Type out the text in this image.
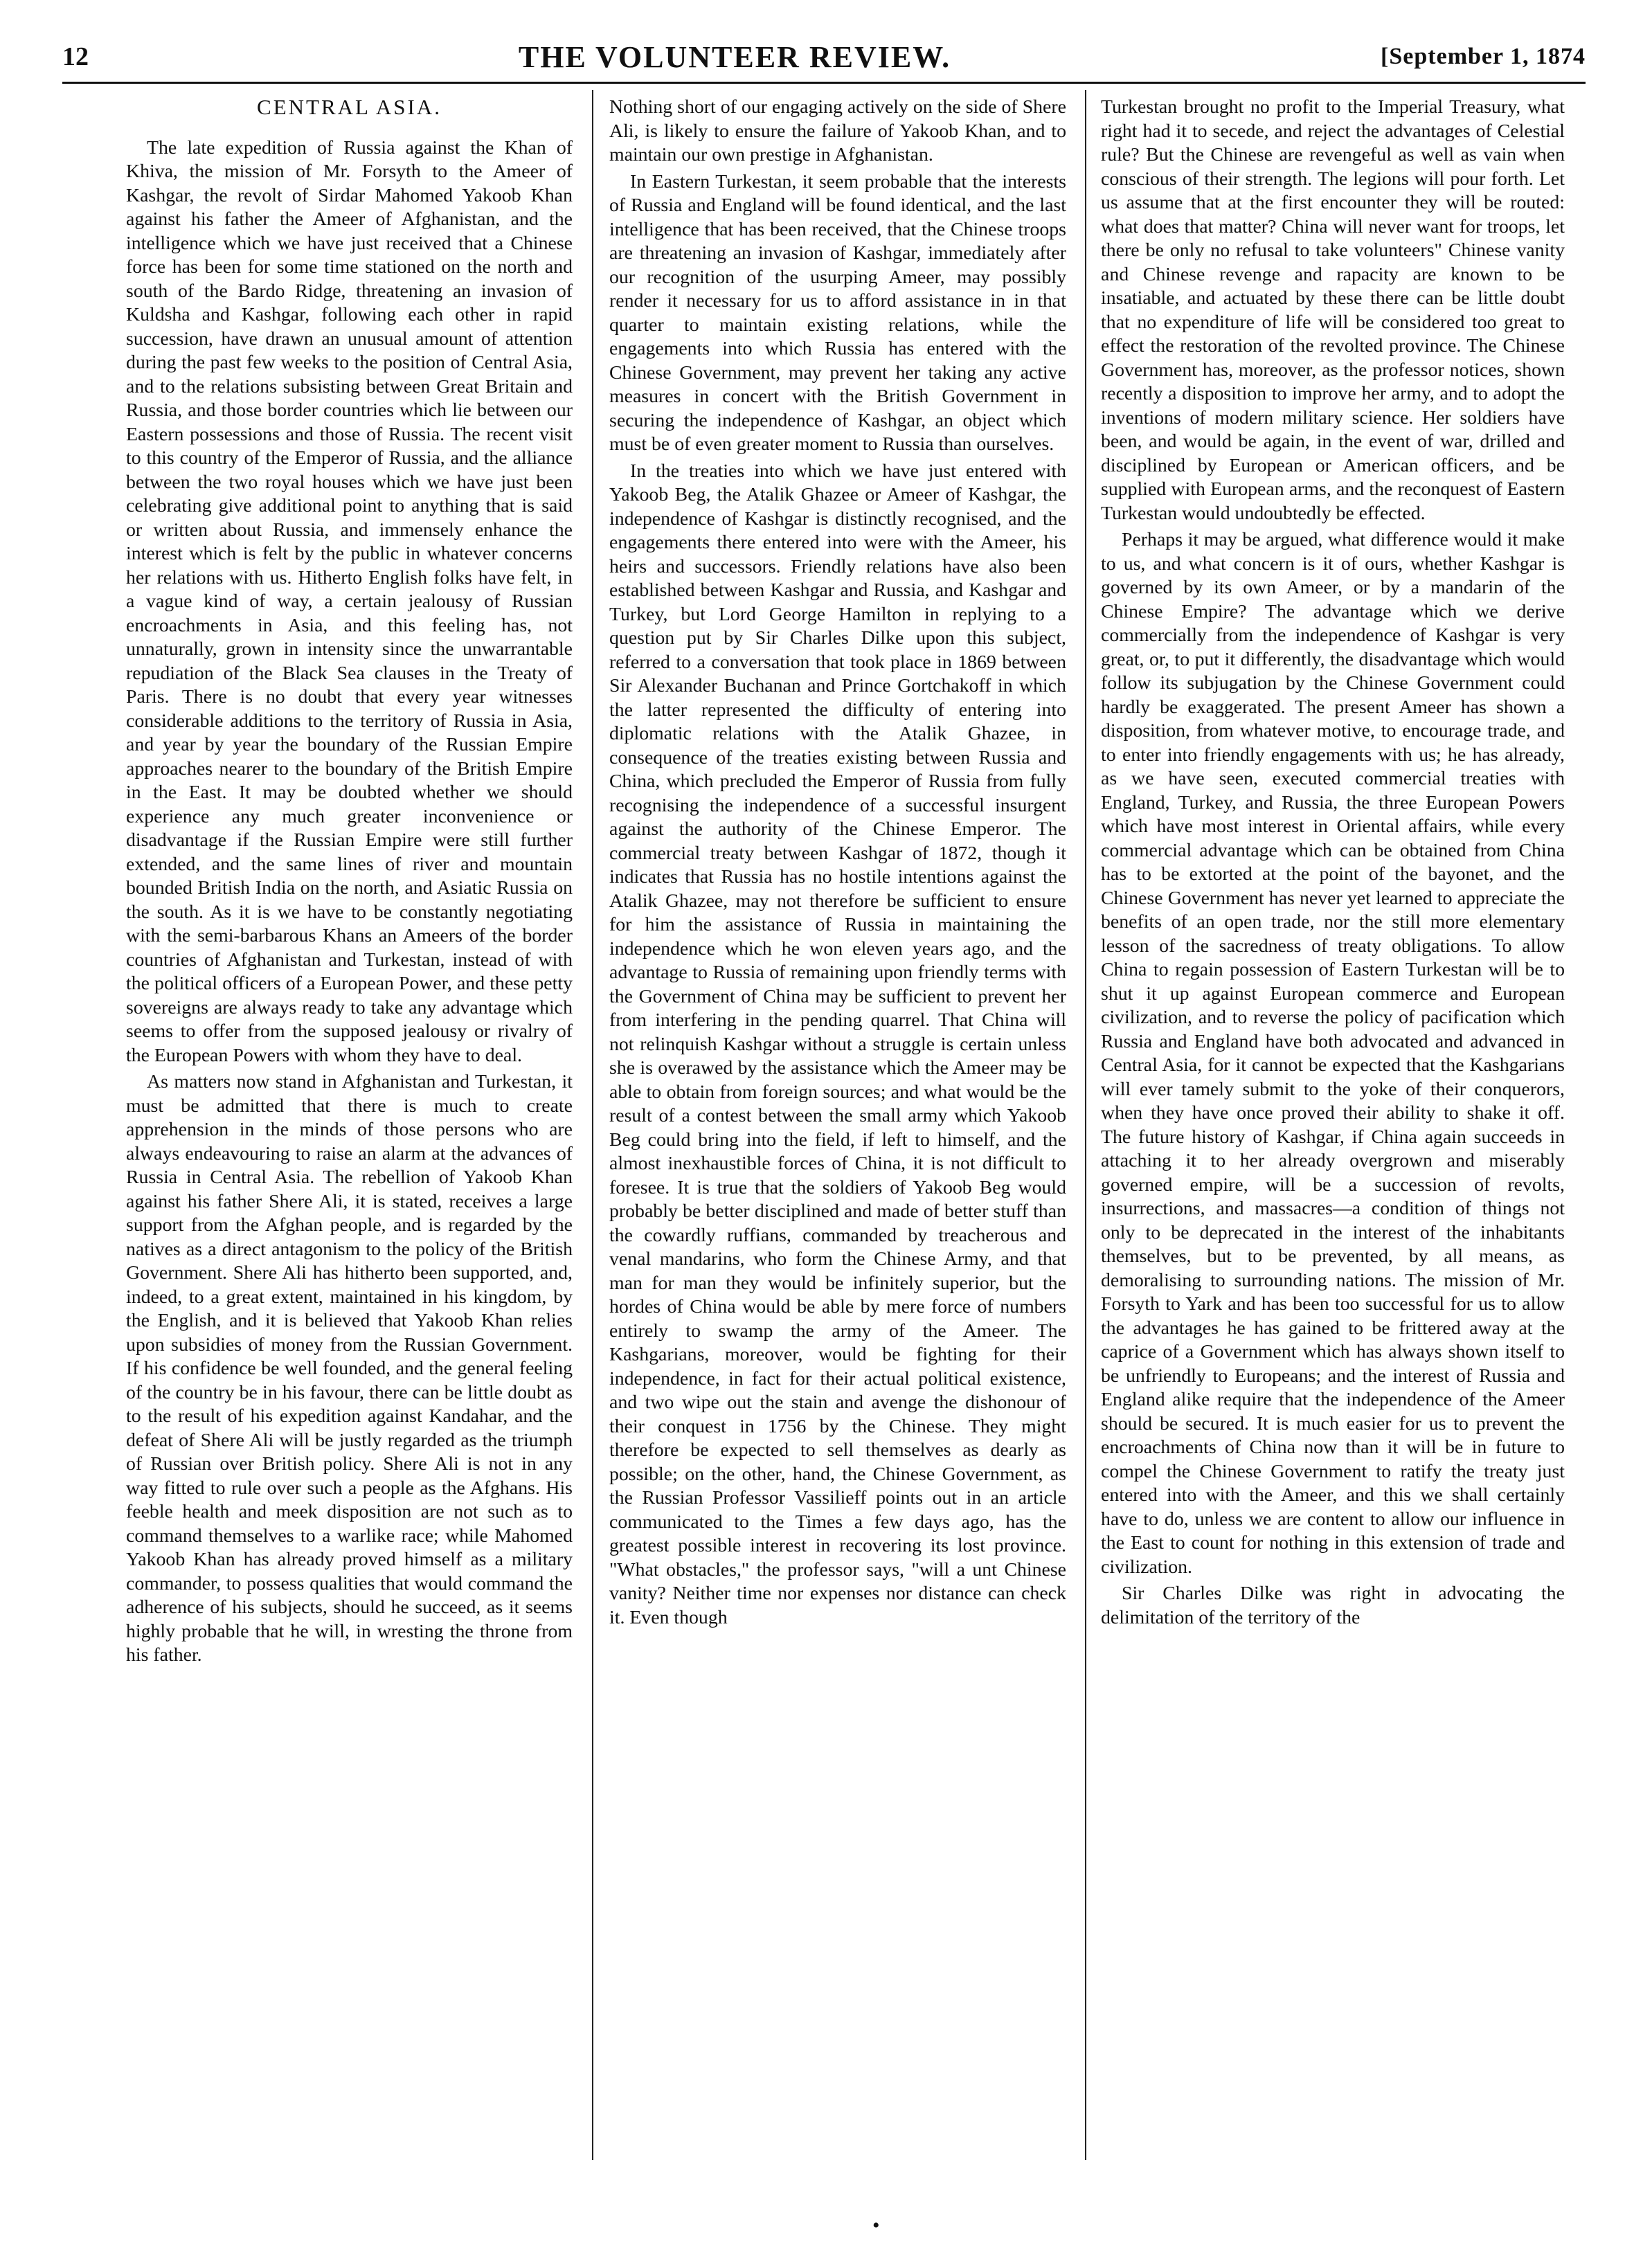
12	THE VOLUNTEER REVIEW.	[September 1, 1874
CENTRAL ASIA.

The late expedition of Russia against the Khan of Khiva, the mission of Mr. Forsyth to the Ameer of Kashgar, the revolt of Sirdar Mahomed Yakoob Khan against his father the Ameer of Afghanistan, and the intelligence which we have just received that a Chinese force has been for some time stationed on the north and south of the Bardo Ridge, threatening an invasion of Kuldsha and Kashgar, following each other in rapid succession, have drawn an unusual amount of attention during the past few weeks to the position of Central Asia, and to the relations subsisting between Great Britain and Russia, and those border countries which lie between our Eastern possessions and those of Russia. The recent visit to this country of the Emperor of Russia, and the alliance between the two royal houses which we have just been celebrating give additional point to anything that is said or written about Russia, and immensely enhance the interest which is felt by the public in whatever concerns her relations with us. Hitherto English folks have felt, in a vague kind of way, a certain jealousy of Russian encroachments in Asia, and this feeling has, not unnaturally, grown in intensity since the unwarrantable repudiation of the Black Sea clauses in the Treaty of Paris. There is no doubt that every year witnesses considerable additions to the territory of Russia in Asia, and year by year the boundary of the Russian Empire approaches nearer to the boundary of the British Empire in the East. It may be doubted whether we should experience any much greater inconvenience or disadvantage if the Russian Empire were still further extended, and the same lines of river and mountain bounded British India on the north, and Asiatic Russia on the south. As it is we have to be constantly negotiating with the semi-barbarous Khans an Ameers of the border countries of Afghanistan and Turkestan, instead of with the political officers of a European Power, and these petty sovereigns are always ready to take any advantage which seems to offer from the supposed jealousy or rivalry of the European Powers with whom they have to deal.

As matters now stand in Afghanistan and Turkestan, it must be admitted that there is much to create apprehension in the minds of those persons who are always endeavouring to raise an alarm at the advances of Russia in Central Asia. The rebellion of Yakoob Khan against his father Shere Ali, it is stated, receives a large support from the Afghan people, and is regarded by the natives as a direct antagonism to the policy of the British Government. Shere Ali has hitherto been supported, and, indeed, to a great extent, maintained in his kingdom, by the English, and it is believed that Yakoob Khan relies upon subsidies of money from the Russian Government. If his confidence be well founded, and the general feeling of the country be in his favour, there can be little doubt as to the result of his expedition against Kandahar, and the defeat of Shere Ali will be justly regarded as the triumph of Russian over British policy. Shere Ali is not in any way fitted to rule over such a people as the Afghans. His feeble health and meek disposition are not such as to command themselves to a warlike race; while Mahomed Yakoob Khan has already proved himself as a military commander, to possess qualities that would command the adherence of his subjects, should he succeed, as it seems highly probable that he will, in wresting the throne from his father.

Nothing short of our engaging actively on the side of Shere Ali, is likely to ensure the failure of Yakoob Khan, and to maintain our own prestige in Afghanistan.

In Eastern Turkestan, it seem probable that the interests of Russia and England will be found identical, and the last intelligence that has been received, that the Chinese troops are threatening an invasion of Kashgar, immediately after our recognition of the usurping Ameer, may possibly render it necessary for us to afford assistance in in that quarter to maintain existing relations, while the engagements into which Russia has entered with the Chinese Government, may prevent her taking any active measures in concert with the British Government in securing the independence of Kashgar, an object which must be of even greater moment to Russia than ourselves.

In the treaties into which we have just entered with Yakoob Beg, the Atalik Ghazee or Ameer of Kashgar, the independence of Kashgar is distinctly recognised, and the engagements there entered into were with the Ameer, his heirs and successors. Friendly relations have also been established between Kashgar and Russia, and Kashgar and Turkey, but Lord George Hamilton in replying to a question put by Sir Charles Dilke upon this subject, referred to a conversation that took place in 1869 between Sir Alexander Buchanan and Prince Gortchakoff in which the latter represented the difficulty of entering into diplomatic relations with the Atalik Ghazee, in consequence of the treaties existing between Russia and China, which precluded the Emperor of Russia from fully recognising the independence of a successful insurgent against the authority of the Chinese Emperor. The commercial treaty between Kashgar of 1872, though it indicates that Russia has no hostile intentions against the Atalik Ghazee, may not therefore be sufficient to ensure for him the assistance of Russia in maintaining the independence which he won eleven years ago, and the advantage to Russia of remaining upon friendly terms with the Government of China may be sufficient to prevent her from interfering in the pending quarrel. That China will not relinquish Kashgar without a struggle is certain unless she is overawed by the assistance which the Ameer may be able to obtain from foreign sources; and what would be the result of a contest between the small army which Yakoob Beg could bring into the field, if left to himself, and the almost inexhaustible forces of China, it is not difficult to foresee. It is true that the soldiers of Yakoob Beg would probably be better disciplined and made of better stuff than the cowardly ruffians, commanded by treacherous and venal mandarins, who form the Chinese Army, and that man for man they would be infinitely superior, but the hordes of China would be able by mere force of numbers entirely to swamp the army of the Ameer. The Kashgarians, moreover, would be fighting for their independence, in fact for their actual political existence, and two wipe out the stain and avenge the dishonour of their conquest in 1756 by the Chinese. They might therefore be expected to sell themselves as dearly as possible; on the other, hand, the Chinese Government, as the Russian Professor Vassilieff points out in an article communicated to the Times a few days ago, has the greatest possible interest in recovering its lost province. "What obstacles," the professor says, "will a unt Chinese vanity? Neither time nor expenses nor distance can check it. Even though

Turkestan brought no profit to the Imperial Treasury, what right had it to secede, and reject the advantages of Celestial rule? But the Chinese are revengeful as well as vain when conscious of their strength. The legions will pour forth. Let us assume that at the first encounter they will be routed: what does that matter? China will never want for troops, let there be only no refusal to take volunteers" Chinese vanity and Chinese revenge and rapacity are known to be insatiable, and actuated by these there can be little doubt that no expenditure of life will be considered too great to effect the restoration of the revolted province. The Chinese Government has, moreover, as the professor notices, shown recently a disposition to improve her army, and to adopt the inventions of modern military science. Her soldiers have been, and would be again, in the event of war, drilled and disciplined by European or American officers, and be supplied with European arms, and the reconquest of Eastern Turkestan would undoubtedly be effected.

Perhaps it may be argued, what difference would it make to us, and what concern is it of ours, whether Kashgar is governed by its own Ameer, or by a mandarin of the Chinese Empire? The advantage which we derive commercially from the independence of Kashgar is very great, or, to put it differently, the disadvantage which would follow its subjugation by the Chinese Government could hardly be exaggerated. The present Ameer has shown a disposition, from whatever motive, to encourage trade, and to enter into friendly engagements with us; he has already, as we have seen, executed commercial treaties with England, Turkey, and Russia, the three European Powers which have most interest in Oriental affairs, while every commercial advantage which can be obtained from China has to be extorted at the point of the bayonet, and the Chinese Government has never yet learned to appreciate the benefits of an open trade, nor the still more elementary lesson of the sacredness of treaty obligations. To allow China to regain possession of Eastern Turkestan will be to shut it up against European commerce and European civilization, and to reverse the policy of pacification which Russia and England have both advocated and advanced in Central Asia, for it cannot be expected that the Kashgarians will ever tamely submit to the yoke of their conquerors, when they have once proved their ability to shake it off. The future history of Kashgar, if China again succeeds in attaching it to her already overgrown and miserably governed empire, will be a succession of revolts, insurrections, and massacres—a condition of things not only to be deprecated in the interest of the inhabitants themselves, but to be prevented, by all means, as demoralising to surrounding nations. The mission of Mr. Forsyth to Yark and has been too successful for us to allow the advantages he has gained to be frittered away at the caprice of a Government which has always shown itself to be unfriendly to Europeans; and the interest of Russia and England alike require that the independence of the Ameer should be secured. It is much easier for us to prevent the encroachments of China now than it will be in future to compel the Chinese Government to ratify the treaty just entered into with the Ameer, and this we shall certainly have to do, unless we are content to allow our influence in the East to count for nothing in this extension of trade and civilization.

Sir Charles Dilke was right in advocating the delimitation of the territory of the

•
